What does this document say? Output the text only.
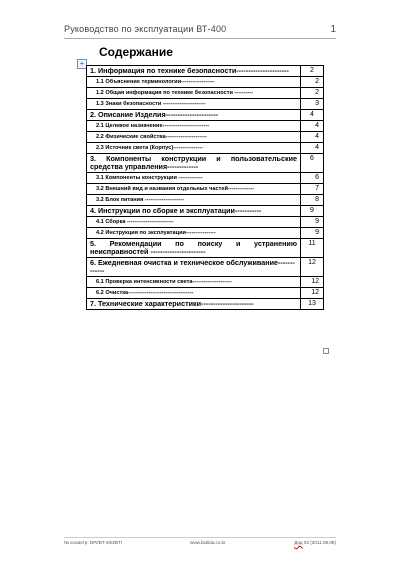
Руководство по эксплуатации ВТ-400	1
Содержание
+
1. Информация по технике безопасности----------------------	2
1.1 Объяснение терминологии------------------	2
1.2 Общая информация по технике безопасности ----------	2
1.3 Знаки безопасности -----------------------	3
2. Описание Изделия----------------------	4
2.1 Целевое назначение-------------------------	4
2.2 Физические свойства----------------------	4
2.3 Источник света (Корпус)----------------	4
3. Компоненты конструкции и пользовательские средства управления-------------	6
3.1 Компоненты конструкции -------------	6
3.2 Внешний вид и названия отдельных частей--------------	7
3.2 Блок питания ---------------------	8
4. Инструкции по сборке и эксплуатации-----------	9
4.1 Сборка -------------------------	9
4.2 Инструкция по эксплуатации----------------	9
5. Рекомендации по поиску и устранению неисправностей -----------------------	11
6. Ежедневная очистка и техническое обслуживание-------------	12
6.1 Проверка интенсивности света---------------------	12
6.2 Очистка-----------------------------------	12
7. Технические характеристики----------------------	13
№ косметр: DPI/BT-400/BTI	www.bialida.co.kr	Дод 02 (2011.08.08)
